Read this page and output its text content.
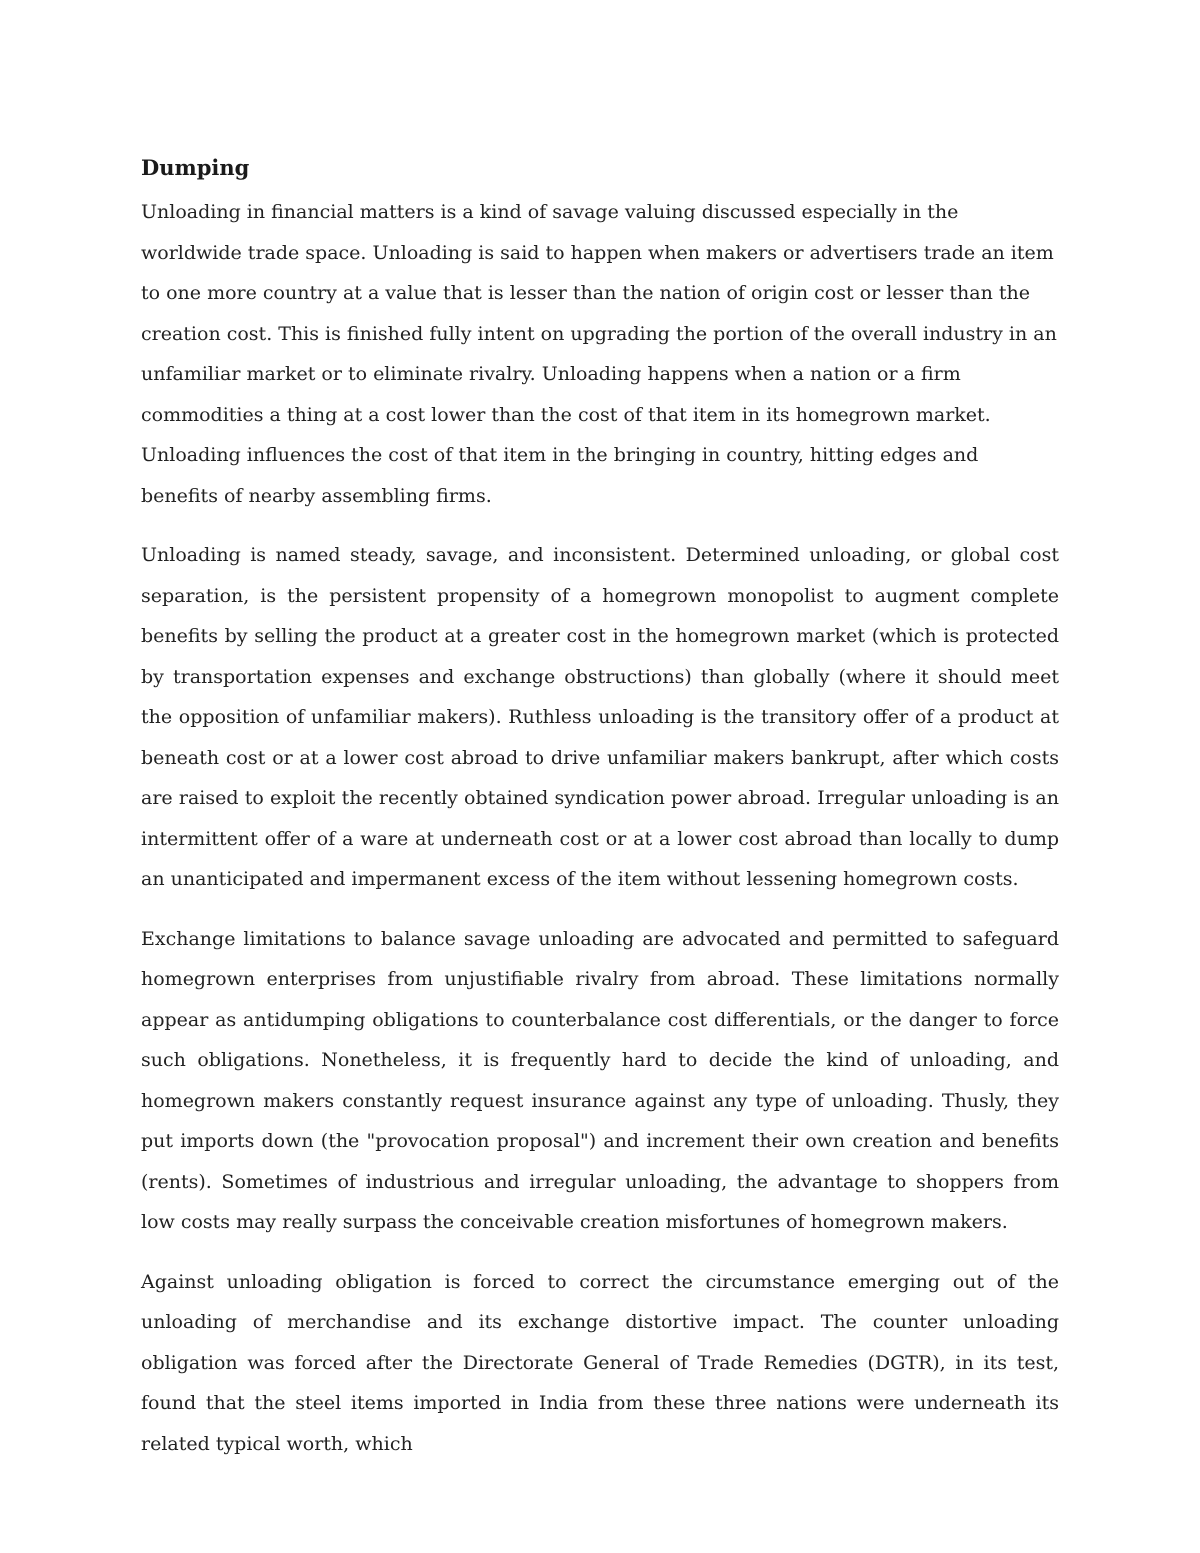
Dumping

Unloading in financial matters is a kind of savage valuing discussed especially in the worldwide trade space. Unloading is said to happen when makers or advertisers trade an item to one more country at a value that is lesser than the nation of origin cost or lesser than the creation cost. This is finished fully intent on upgrading the portion of the overall industry in an unfamiliar market or to eliminate rivalry. Unloading happens when a nation or a firm commodities a thing at a cost lower than the cost of that item in its homegrown market. Unloading influences the cost of that item in the bringing in country, hitting edges and benefits of nearby assembling firms.

Unloading is named steady, savage, and inconsistent. Determined unloading, or global cost separation, is the persistent propensity of a homegrown monopolist to augment complete benefits by selling the product at a greater cost in the homegrown market (which is protected by transportation expenses and exchange obstructions) than globally (where it should meet the opposition of unfamiliar makers). Ruthless unloading is the transitory offer of a product at beneath cost or at a lower cost abroad to drive unfamiliar makers bankrupt, after which costs are raised to exploit the recently obtained syndication power abroad. Irregular unloading is an intermittent offer of a ware at underneath cost or at a lower cost abroad than locally to dump an unanticipated and impermanent excess of the item without lessening homegrown costs.

Exchange limitations to balance savage unloading are advocated and permitted to safeguard homegrown enterprises from unjustifiable rivalry from abroad. These limitations normally appear as antidumping obligations to counterbalance cost differentials, or the danger to force such obligations. Nonetheless, it is frequently hard to decide the kind of unloading, and homegrown makers constantly request insurance against any type of unloading. Thusly, they put imports down (the "provocation proposal") and increment their own creation and benefits (rents). Sometimes of industrious and irregular unloading, the advantage to shoppers from low costs may really surpass the conceivable creation misfortunes of homegrown makers.

Against unloading obligation is forced to correct the circumstance emerging out of the unloading of merchandise and its exchange distortive impact. The counter unloading obligation was forced after the Directorate General of Trade Remedies (DGTR), in its test, found that the steel items imported in India from these three nations were underneath its related typical worth, which
